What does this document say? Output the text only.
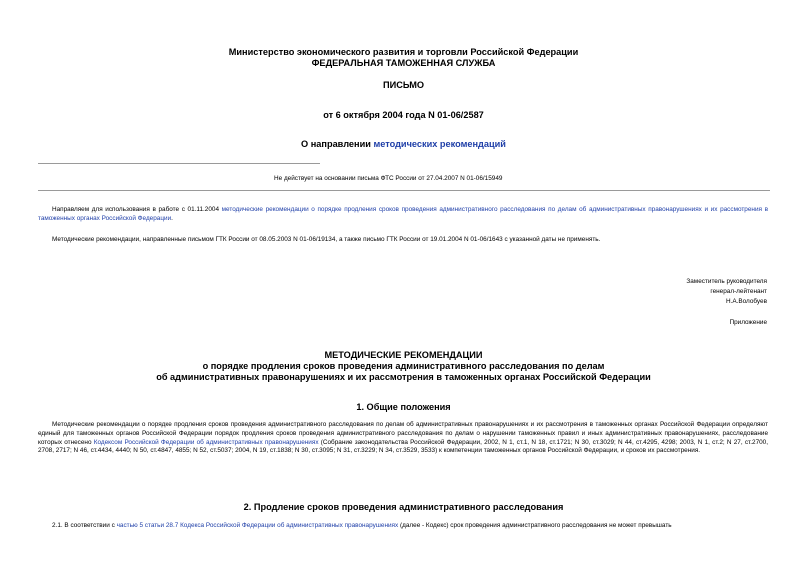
Министерство экономического развития и торговли Российской Федерации
ФЕДЕРАЛЬНАЯ ТАМОЖЕННАЯ СЛУЖБА
ПИСЬМО
от 6 октября 2004 года N 01-06/2587
О направлении методических рекомендаций
Не действует на основании письма ФТС России от 27.04.2007 N 01-06/15949
Направляем для использования в работе с 01.11.2004 методические рекомендации о порядке продления сроков проведения административного расследования по делам об административных правонарушениях и их рассмотрения в таможенных органах Российской Федерации.
Методические рекомендации, направленные письмом ГТК России от 08.05.2003 N 01-06/19134, а также письмо ГТК России от 19.01.2004 N 01-06/1643 с указанной даты не применять.
Заместитель руководителя
генерал-лейтенант
Н.А.Волобуев
Приложение
МЕТОДИЧЕСКИЕ РЕКОМЕНДАЦИИ
о порядке продления сроков проведения административного расследования по делам
об административных правонарушениях и их рассмотрения в таможенных органах Российской Федерации
1. Общие положения
Методические рекомендации о порядке продления сроков проведения административного расследования по делам об административных правонарушениях и их рассмотрения в таможенных органах Российской Федерации определяют единый для таможенных органов Российской Федерации порядок продления сроков проведения административного расследования по делам о нарушении таможенных правил и иных административных правонарушениях, расследование которых отнесено Кодексом Российской Федерации об административных правонарушениях (Собрание законодательства Российской Федерации, 2002, N 1, ст.1, N 18, ст.1721; N 30, ст.3029; N 44, ст.4295, 4298; 2003, N 1, ст.2; N 27, ст.2700, 2708, 2717; N 46, ст.4434, 4440; N 50, ст.4847, 4855; N 52, ст.5037; 2004, N 19, ст.1838; N 30, ст.3095; N 31, ст.3229; N 34, ст.3529, 3533) к компетенции таможенных органов Российской Федерации, и сроков их рассмотрения.
2. Продление сроков проведения административного расследования
2.1. В соответствии с частью 5 статьи 28.7 Кодекса Российской Федерации об административных правонарушениях (далее - Кодекс) срок проведения административного расследования не может превышать
